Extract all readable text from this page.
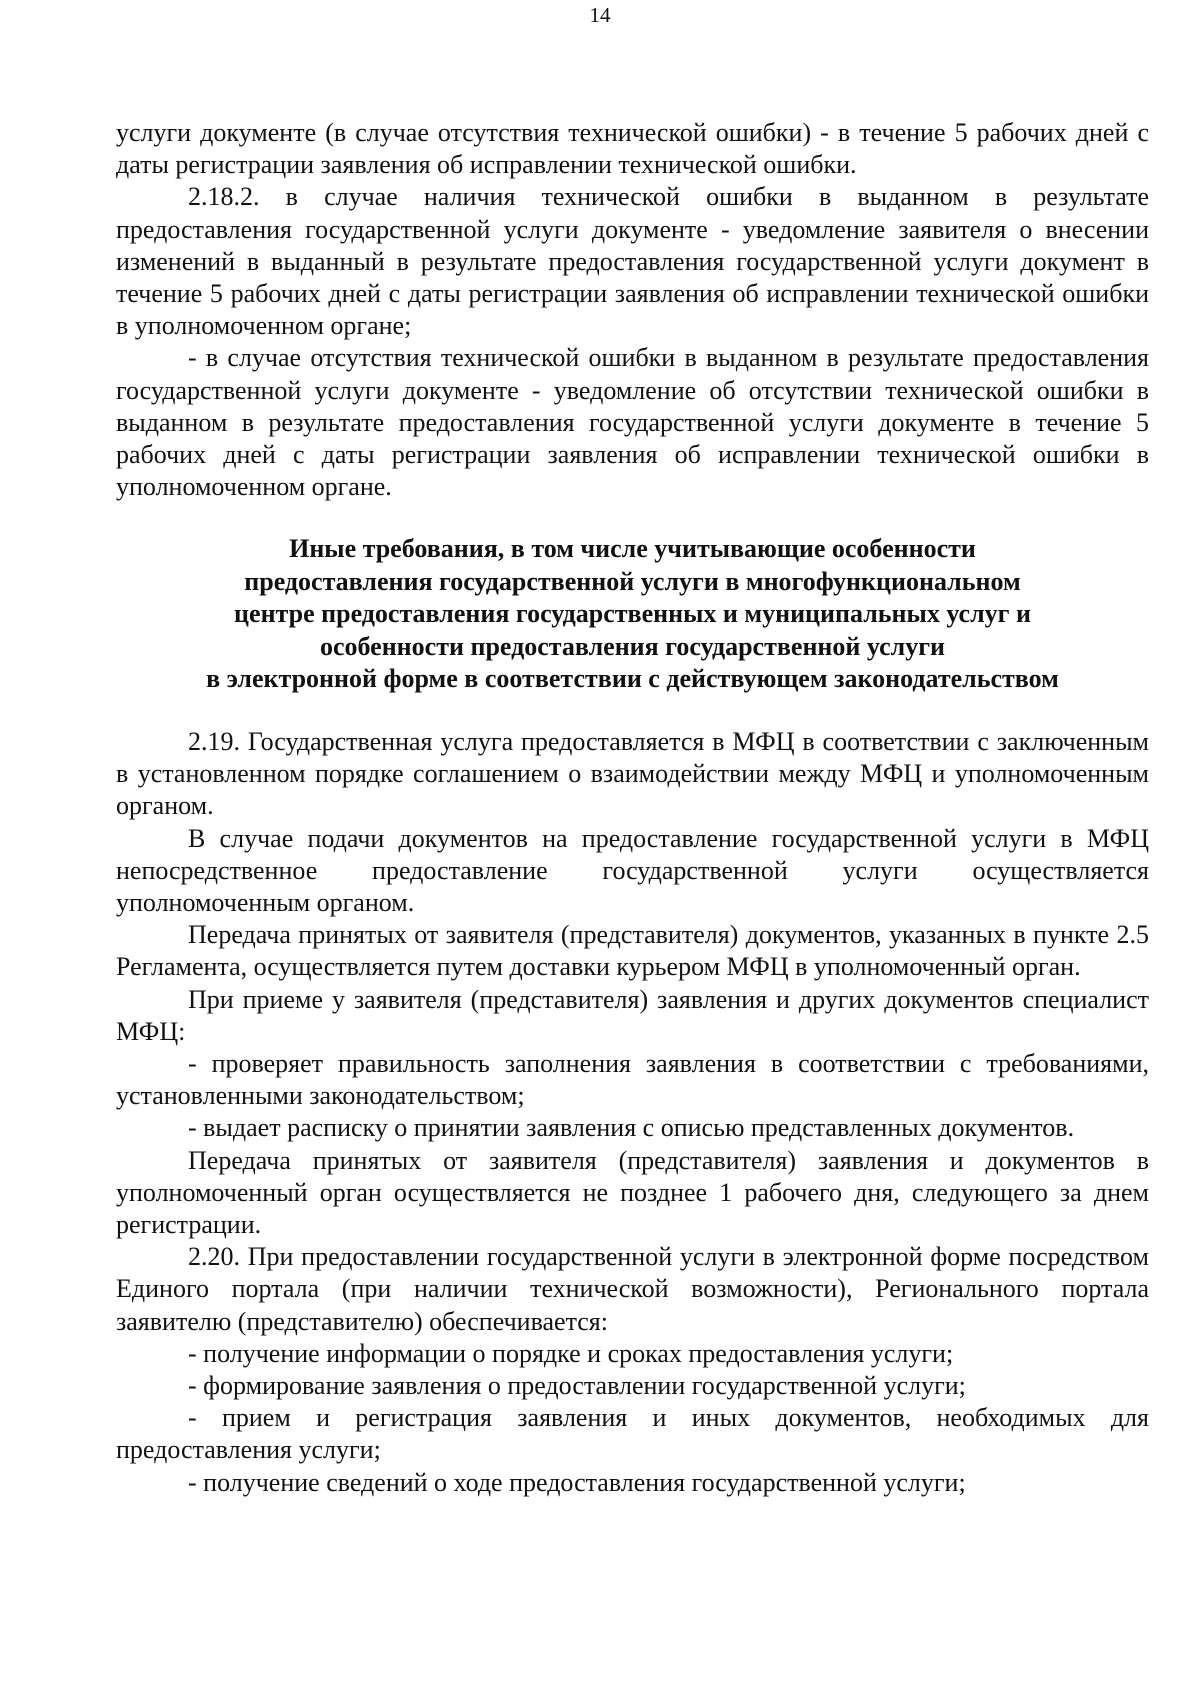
14

услуги документе (в случае отсутствия технической ошибки) - в течение 5 рабочих дней с даты регистрации заявления об исправлении технической ошибки.

2.18.2. в случае наличия технической ошибки в выданном в результате предоставления государственной услуги документе - уведомление заявителя о внесении изменений в выданный в результате предоставления государственной услуги документ в течение 5 рабочих дней с даты регистрации заявления об исправлении технической ошибки в уполномоченном органе;

- в случае отсутствия технической ошибки в выданном в результате предоставления государственной услуги документе - уведомление об отсутствии технической ошибки в выданном в результате предоставления государственной услуги документе в течение 5 рабочих дней с даты регистрации заявления об исправлении технической ошибки в уполномоченном органе.

Иные требования, в том числе учитывающие особенности
предоставления государственной услуги в многофункциональном
центре предоставления государственных и муниципальных услуг и
особенности предоставления государственной услуги
в электронной форме в соответствии с действующем законодательством

2.19. Государственная услуга предоставляется в МФЦ в соответствии с заключенным в установленном порядке соглашением о взаимодействии между МФЦ и уполномоченным органом.

В случае подачи документов на предоставление государственной услуги в МФЦ непосредственное предоставление государственной услуги осуществляется уполномоченным органом.

Передача принятых от заявителя (представителя) документов, указанных в пункте 2.5 Регламента, осуществляется путем доставки курьером МФЦ в уполномоченный орган.

При приеме у заявителя (представителя) заявления и других документов специалист МФЦ:

- проверяет правильность заполнения заявления в соответствии с требованиями, установленными законодательством;

- выдает расписку о принятии заявления с описью представленных документов.

Передача принятых от заявителя (представителя) заявления и документов в уполномоченный орган осуществляется не позднее 1 рабочего дня, следующего за днем регистрации.

2.20. При предоставлении государственной услуги в электронной форме посредством Единого портала (при наличии технической возможности), Регионального портала заявителю (представителю) обеспечивается:

- получение информации о порядке и сроках предоставления услуги;

- формирование заявления о предоставлении государственной услуги;

- прием и регистрация заявления и иных документов, необходимых для предоставления услуги;

- получение сведений о ходе предоставления государственной услуги;
